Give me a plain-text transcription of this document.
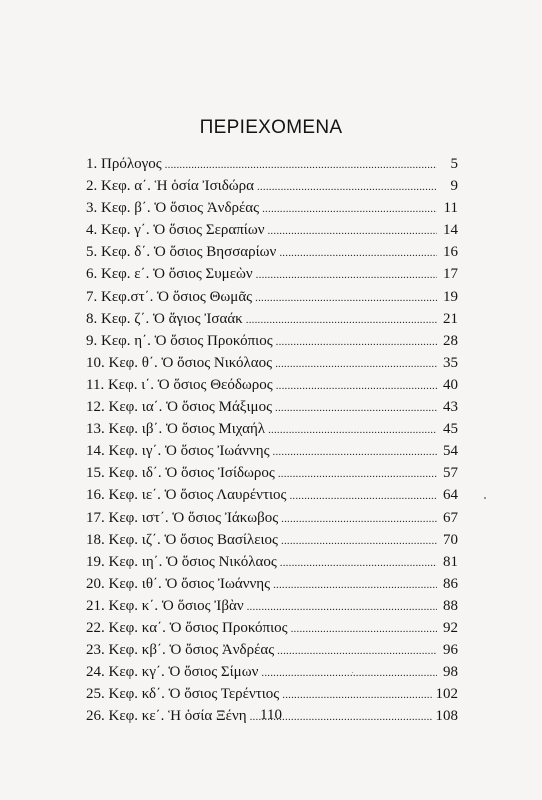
ΠΕΡΙΕΧΟΜΕΝΑ
1. Πρόλογος .....	5
2. Κεφ. α΄. Ἡ ὁσία Ἰσιδώρα .....	9
3. Κεφ. β΄. Ὁ ὅσιος Ἀνδρέας .....	11
4. Κεφ. γ΄. Ὁ ὅσιος Σεραπίων .....	14
5. Κεφ. δ΄. Ὁ ὅσιος Βησσαρίων .....	16
6. Κεφ. ε΄. Ὁ ὅσιος Συμεὼν .....	17
7. Κεφ.στ΄. Ὁ ὅσιος Θωμᾶς .....	19
8. Κεφ. ζ΄. Ὁ ἅγιος Ἰσαάκ .....	21
9. Κεφ. η΄. Ὁ ὅσιος Προκόπιος .....	28
10. Κεφ. θ΄. Ὁ ὅσιος Νικόλαος .....	35
11. Κεφ. ι΄. Ὁ ὅσιος Θεόδωρος .....	40
12. Κεφ. ια΄. Ὁ ὅσιος Μάξιμος .....	43
13. Κεφ. ιβ΄. Ὁ ὅσιος Μιχαήλ .....	45
14. Κεφ. ιγ΄. Ὁ ὅσιος Ἰωάννης .....	54
15. Κεφ. ιδ΄. Ὁ ὅσιος Ἰσίδωρος .....	57
16. Κεφ. ιε΄. Ὁ ὅσιος Λαυρέντιος .....	64
17. Κεφ. ιστ΄. Ὁ ὅσιος Ἰάκωβος .....	67
18. Κεφ. ιζ΄. Ὁ ὅσιος Βασίλειος .....	70
19. Κεφ. ιη΄. Ὁ ὅσιος Νικόλαος .....	81
20. Κεφ. ιθ΄. Ὁ ὅσιος Ἰωάννης .....	86
21. Κεφ. κ΄. Ὁ ὅσιος Ἰβὰν .....	88
22. Κεφ. κα΄. Ὁ ὅσιος Προκόπιος .....	92
23. Κεφ. κβ΄. Ὁ ὅσιος Ἀνδρέας .....	96
24. Κεφ. κγ΄. Ὁ ὅσιος Σίμων .....	98
25. Κεφ. κδ΄. Ὁ ὅσιος Τερέντιος .....	102
26. Κεφ. κε΄. Ἡ ὁσία Ξένη .....	108
110
